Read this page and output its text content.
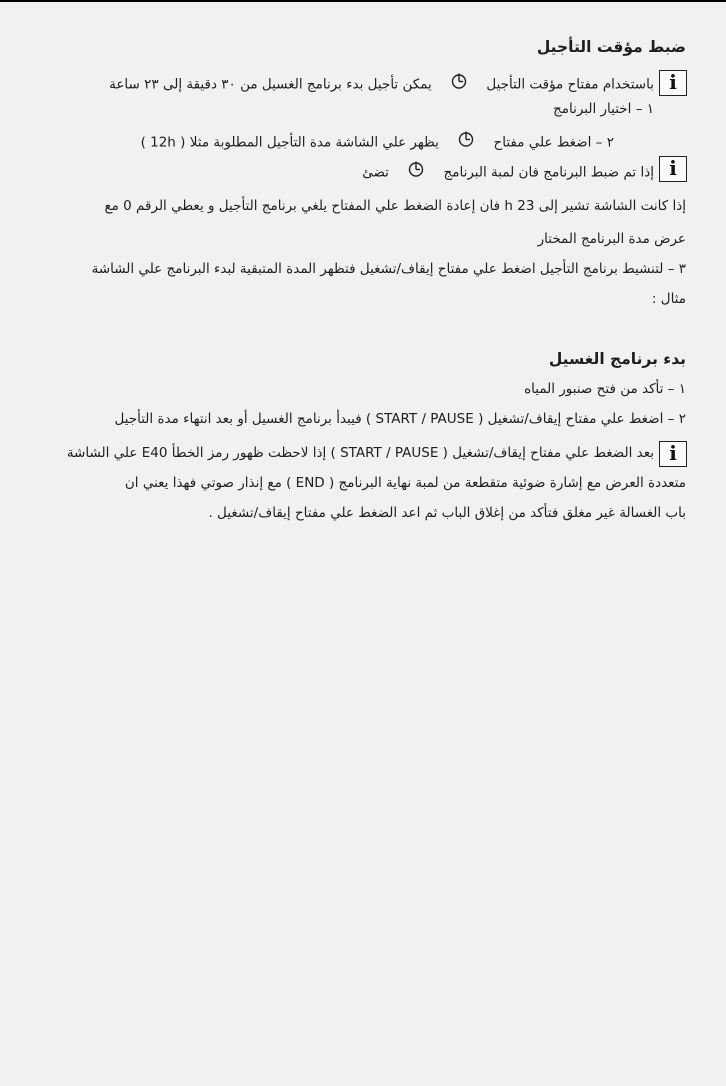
ضبط مؤقت التأجيل
i
باستخدام مفتاح مؤقت التأجيل  يمكن تأجيل بدء برنامج الغسيل من ٣٠ دقيقة إلى ٢٣ ساعة
١ – اختيار البرنامج
٢ – اضغط علي مفتاح  يظهر علي الشاشة مدة التأجيل المطلوبة مثلا ( 12h )
i
إذا تم ضبط البرنامج فان لمبة البرنامج  تضئ
إذا كانت الشاشة تشير إلى 23 h فان إعادة الضغط علي المفتاح يلغي برنامج التأجيل و يعطي الرقم 0 مع
عرض مدة البرنامج المختار
٣ – لتنشيط برنامج التأجيل اضغط علي مفتاح إيقاف/تشغيل فتظهر المدة المتبقية لبدء البرنامج علي الشاشة
مثال :
بدء برنامج الغسيل
١ – تأكد من فتح صنبور المياه
٢ – اضغط علي مفتاح إيقاف/تشغيل ( START / PAUSE ) فيبدأ برنامج الغسيل أو بعد انتهاء مدة التأجيل
i
بعد الضغط علي مفتاح إيقاف/تشغيل ( START / PAUSE ) إذا لاحظت ظهور رمز الخطأ E40 علي الشاشة
متعددة العرض مع إشارة ضوئية متقطعة من لمبة نهاية البرنامج ( END ) مع إنذار صوتي فهذا يعني ان
باب الغسالة غير مغلق فتأكد من إغلاق الباب ثم اعد الضغط علي مفتاح إيقاف/تشغيل .
